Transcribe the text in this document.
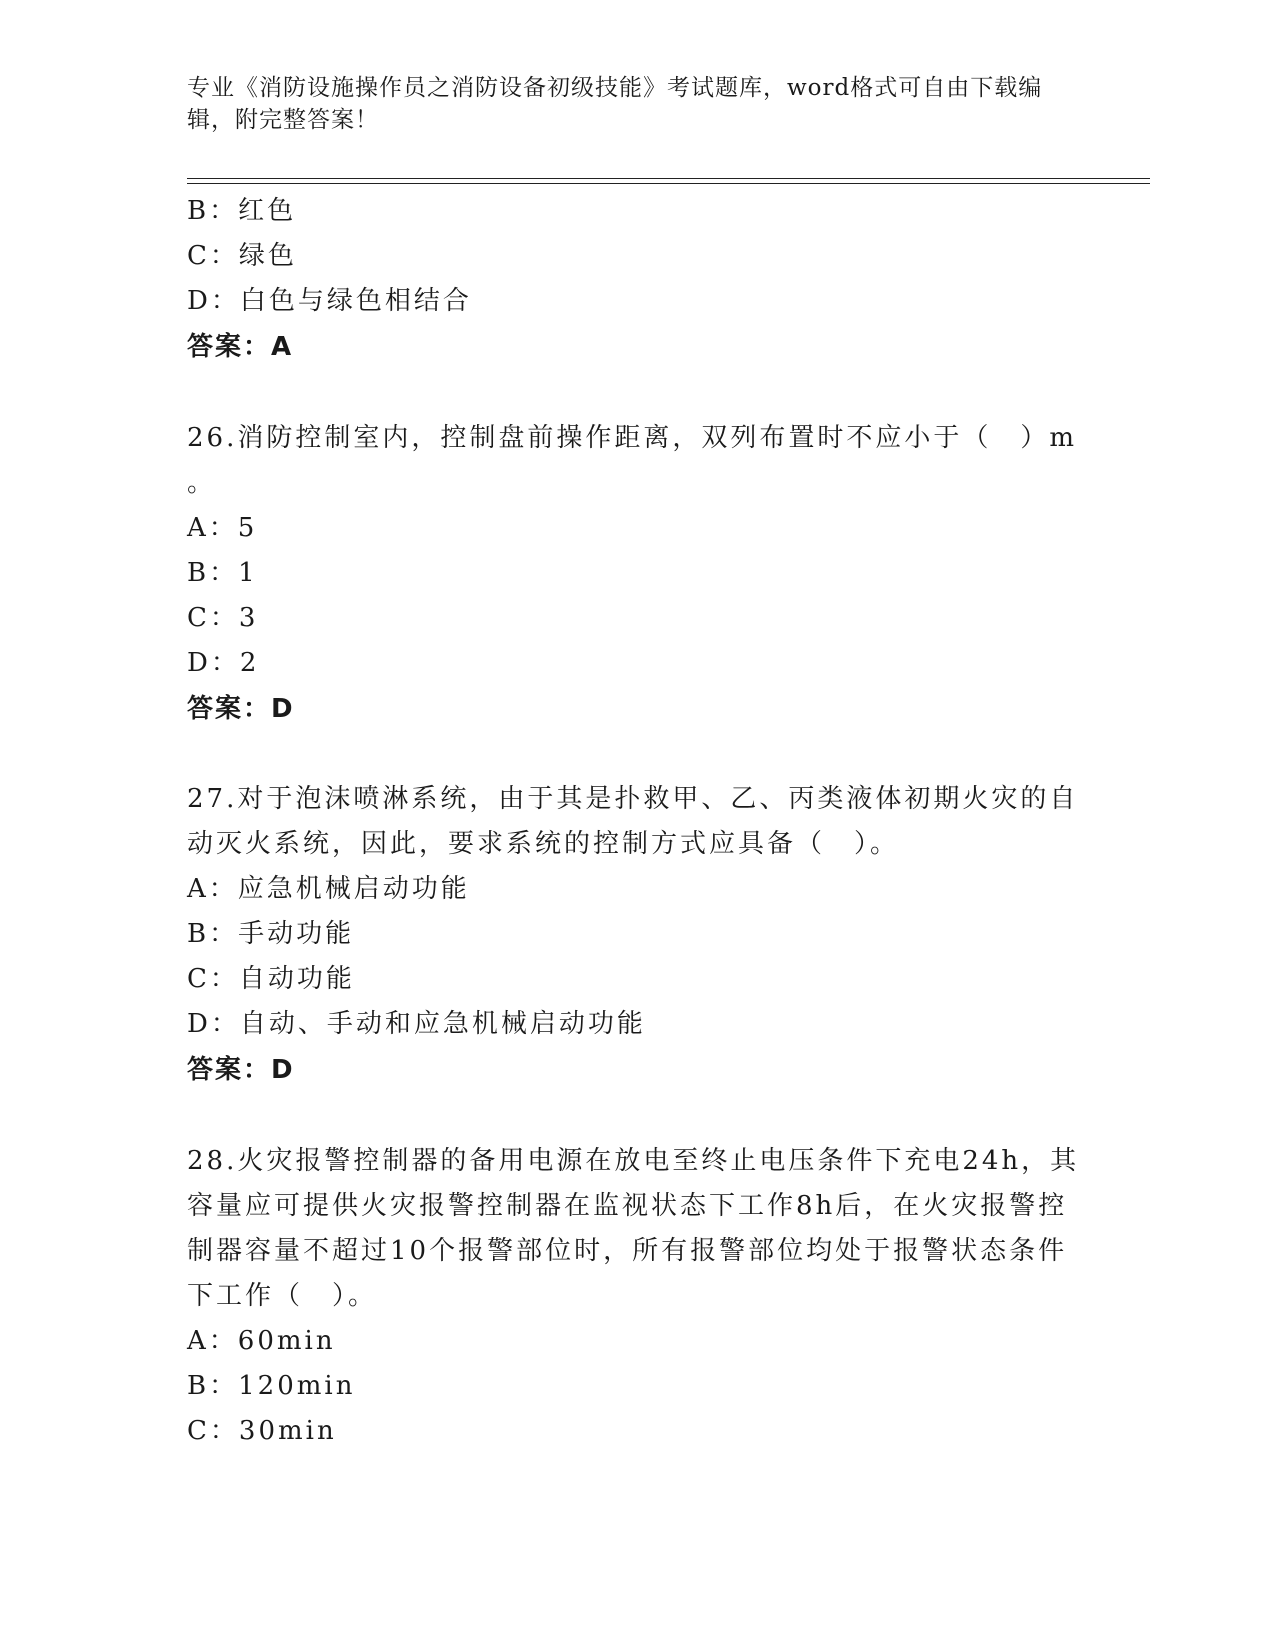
专业《消防设施操作员之消防设备初级技能》考试题库，word格式可自由下载编辑，附完整答案！
B：红色
C：绿色
D：白色与绿色相结合
答案：A
26.消防控制室内，控制盘前操作距离，双列布置时不应小于（　）m
。
A：5
B：1
C：3
D：2
答案：D
27.对于泡沫喷淋系统，由于其是扑救甲、乙、丙类液体初期火灾的自
动灭火系统，因此，要求系统的控制方式应具备（　）。
A：应急机械启动功能
B：手动功能
C：自动功能
D：自动、手动和应急机械启动功能
答案：D
28.火灾报警控制器的备用电源在放电至终止电压条件下充电24h，其
容量应可提供火灾报警控制器在监视状态下工作8h后，在火灾报警控
制器容量不超过10个报警部位时，所有报警部位均处于报警状态条件
下工作（　）。
A：60min
B：120min
C：30min
